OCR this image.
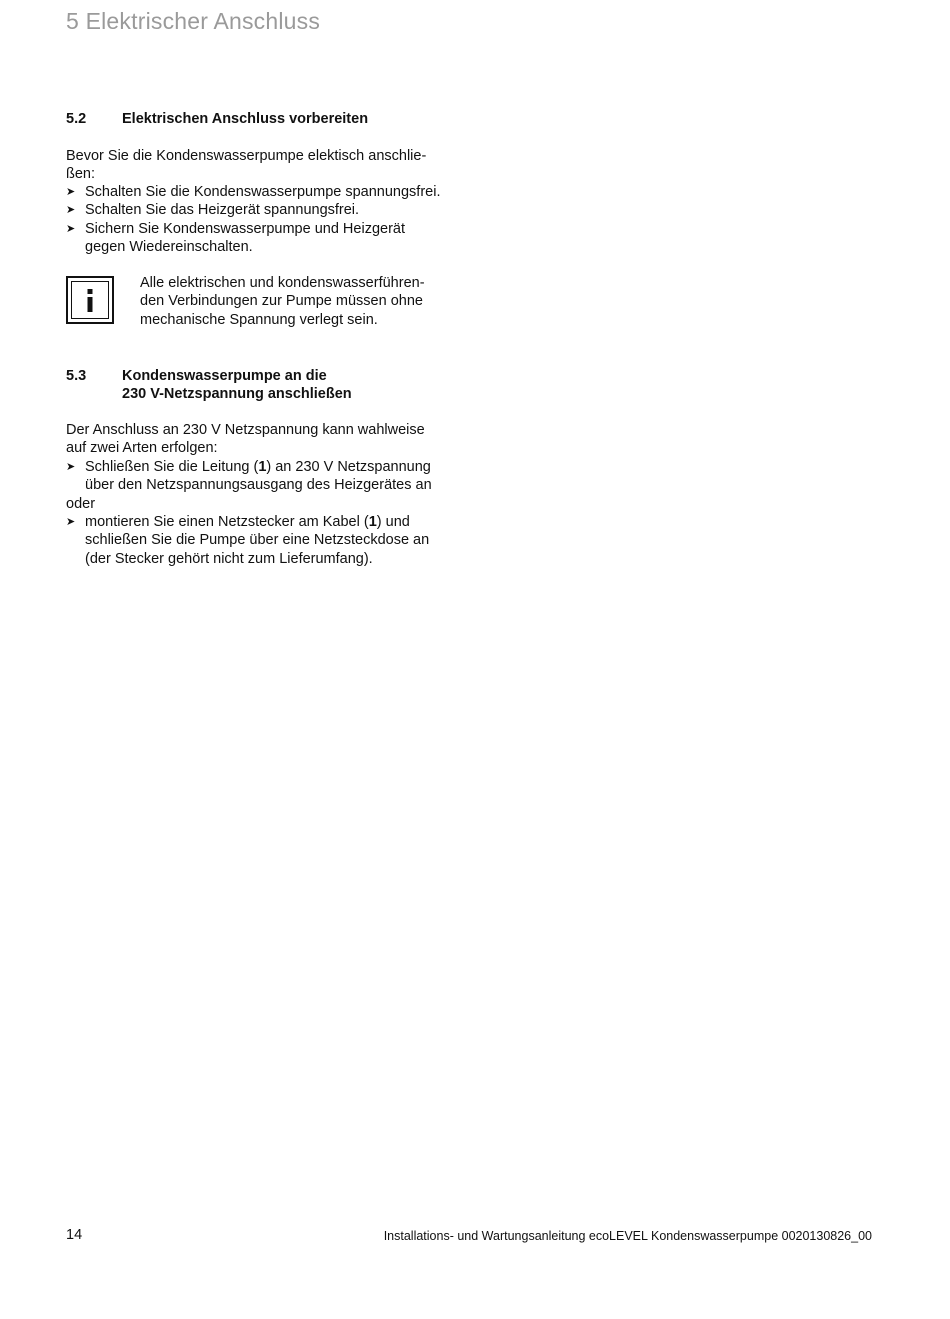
5 Elektrischer Anschluss
5.2 Elektrischen Anschluss vorbereiten
Bevor Sie die Kondenswasserpumpe elektisch anschlie-
ßen:
➤ Schalten Sie die Kondenswasserpumpe spannungsfrei.
➤ Schalten Sie das Heizgerät spannungsfrei.
➤ Sichern Sie Kondenswasserpumpe und Heizgerät
gegen Wiedereinschalten.
Alle elektrischen und kondenswasserführen-
den Verbindungen zur Pumpe müssen ohne
mechanische Spannung verlegt sein.
5.3 Kondenswasserpumpe an die
230 V-Netzspannung anschließen
Der Anschluss an 230 V Netzspannung kann wahlweise
auf zwei Arten erfolgen:
➤ Schließen Sie die Leitung (1) an 230 V Netzspannung
über den Netzspannungsausgang des Heizgerätes an
oder
➤ montieren Sie einen Netzstecker am Kabel (1) und
schließen Sie die Pumpe über eine Netzsteckdose an
(der Stecker gehört nicht zum Lieferumfang).
14	Installations- und Wartungsanleitung ecoLEVEL Kondenswasserpumpe 0020130826_00
